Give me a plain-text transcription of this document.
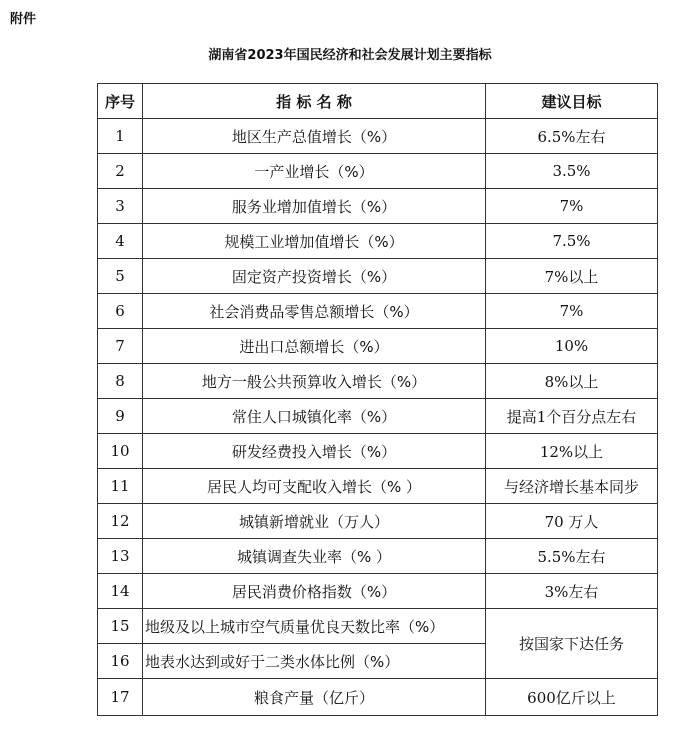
附件
湖南省2023年国民经济和社会发展计划主要指标
序号	指 标 名 称	建议目标
1	地区生产总值增长（%）	6.5%左右
2	一产业增长（%）	3.5%
3	服务业增加值增长（%）	7%
4	规模工业增加值增长（%）	7.5%
5	固定资产投资增长（%）	7%以上
6	社会消费品零售总额增长（%）	7%
7	进出口总额增长（%）	10%
8	地方一般公共预算收入增长（%）	8%以上
9	常住人口城镇化率（%）	提高1个百分点左右
10	研发经费投入增长（%）	12%以上
11	居民人均可支配收入增长（% ）	与经济增长基本同步
12	城镇新增就业（万人）	70 万人
13	城镇调查失业率（% ）	5.5%左右
14	居民消费价格指数（%）	3%左右
15	地级及以上城市空气质量优良天数比率（%）	按国家下达任务
16	地表水达到或好于二类水体比例（%）	
17	粮食产量（亿斤）	600亿斤以上
